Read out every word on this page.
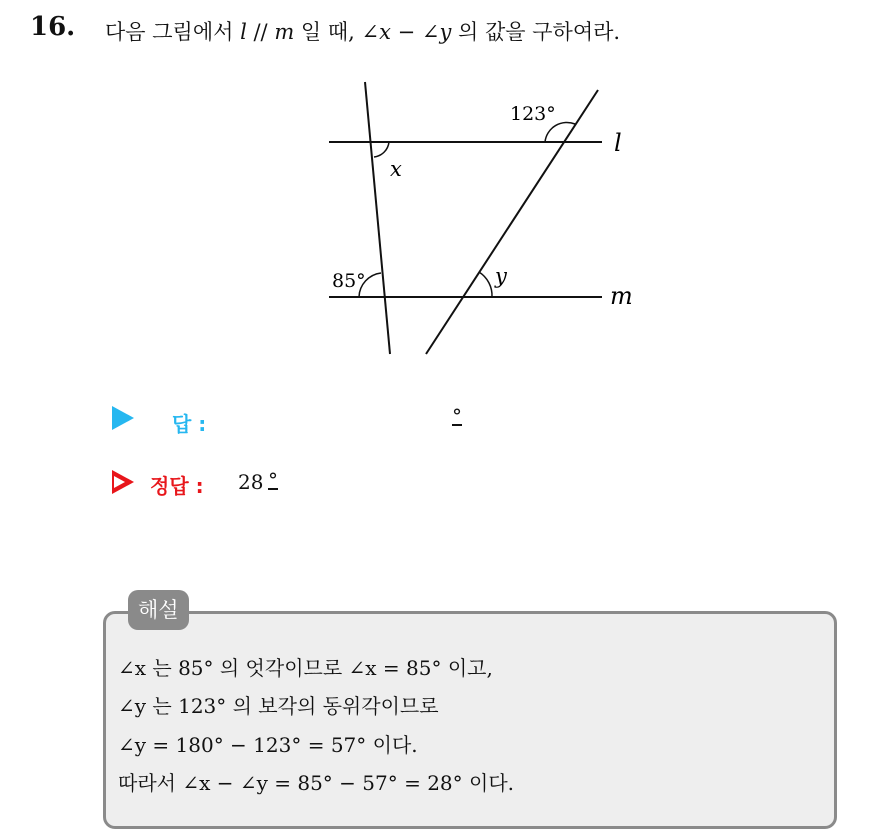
16. 다음 그림에서 l // m 일 때, ∠x − ∠y 의 값을 구하여라.
123°
x
85°	y
l
m
답 :	°
정답 : 28 °
해설
∠x 는 85° 의 엇각이므로 ∠x = 85° 이고,
∠y 는 123° 의 보각의 동위각이므로
∠y = 180° − 123° = 57° 이다.
따라서 ∠x − ∠y = 85° − 57° = 28° 이다.
